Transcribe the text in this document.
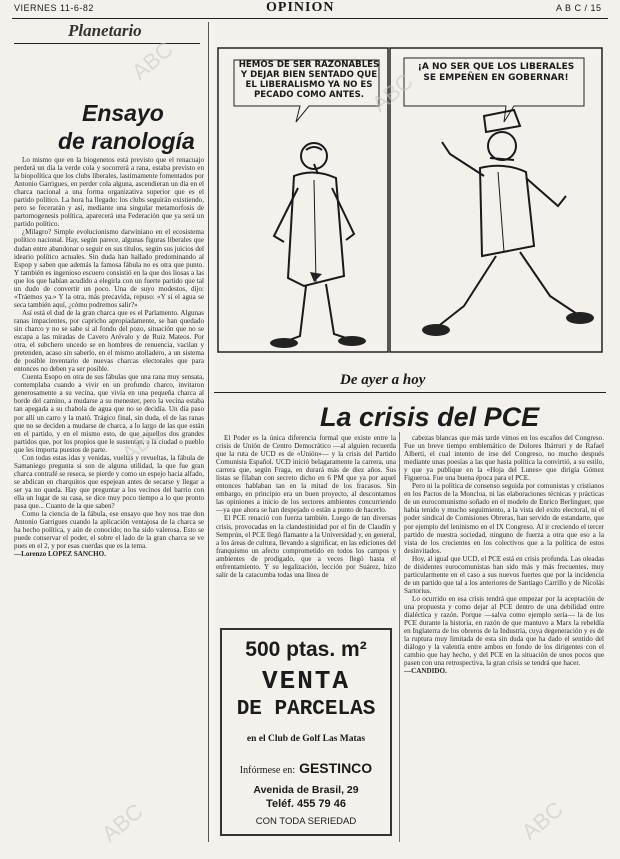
VIERNES 11-6-82	OPINION	A B C / 15
Planetario
Ensayo
de ranología

Lo mismo que en la biogenetos está previsto que el renacuajo perderá un día la verde cola y socorrerá a rana, estaba previsto en la biopolítica que los clubs liberales, lastimamente fomentados por Antonio Garrigues, en perder cola alguna, ascendieran un día en el charca nacional a una forma organizativa superior que es el partido político. La hora ha llegado: los clubs seguirán existiendo, pero se fecerarán y así, mediante una singular metamorfosis de partomogenesis política, aparecerá una Federación que ya será un partido político.

¿Milagro? Simple evolucionismo darwiniano en el ecosistema político nacional. Hay, según parece, algunas figuras liberales que dudan entre abandonar o seguir en sus títulos, según sus juicios del ideario político actuales. Sin duda han hallado predominando al Espop y saben que además la famosa fábula no es otra que punto. Y también es ingenioso escuero consistió en la que dos liosas a las que los que habían acudido a elegirla con un fuerte partido que tal un dudo de convertir un poco. Una de suyo modestos, dijo: «Tráemos ya.» Y la otra, más precavida, repuso: «Y si el agua se seca también aquí, ¿cómo podremos salir?»

Así está el dud de la gran charca que es el Parlamento. Algunas ranas impacientes, por capricho apropiadamente, se han quedado sin charco y no se sabe si al fondo del pozo, situación que no se escapa a las miradas de Cavero Arévalo y de Ruiz Mateos. Por otra, el subchero uncedo se en hombres de renuencia, vacilan y pretenden, acaso sin saberlo, en el mismo atolladero, a un sistema de posible inventario de nuevas charcas electorales que para entonces no deben ya ser posible.

Cuenta Esopo en otra de sus fábulas que una rana muy sensata, contemplaba cuando a vivir en un profundo charco, invitaron generosamente a su vecina, que vivía en una pequeña charca al borde del camino, a mudarse a su menester, pero la vecina estaba tan apegada a su chabola de agua que no se decidía. Un día paso por allí un carro y la mató. Trágico final, sin duda, el de las ranas que no se deciden a mudarse de charca, a lo largo de las que están en el partido, y en el mismo esto, de que aquellos dos grandes partidos que, por los propios que le sustentan, a la ciudad o pueblo que les importa puestos de parte.

Con todas estas idas y venidas, vueltas y revueltas, la fábula de Samaniego pregunta si son de alguna utilidad, la que fue gran charca contrafé se reseca, se pierde y como un espejo hacia alfado, se abdican en charquitos que espejean antes de secarse y llegar a ser ya no queda. Hay que preguntar a los vecinos del barrio con ella un lugar de su casa, se dice muy poco tiempo a lo que pronto pasa que... Cuanto de la que saben?

Como la ciencia de la fábula, ese ensayo que hoy nos trae don Antonio Garrigues cuando la aplicación ventajosa de la charca se ha hecho política, y aún de conocido; no ha sido valerosa. Esto se puede conservar el poder, el sobre el lado de la gran charca se ve pues en el 2, y por esas cuerdas que es la tema.

—Lorenzo LOPEZ SANCHO.

HEMOS DE SER RAZONABLES Y DEJAR BIEN SENTADO QUE EL LIBERALISMO YA NO ES PECADO COMO ANTES.
¡A NO SER QUE LOS LIBERALES SE EMPEÑEN EN GOBERNAR!
De ayer a hoy
La crisis del PCE

El Poder es la única diferencia formal que existe entre la crisis de Unión de Centro Democrático —al alguien recuerda que la ruta de UCD es de «Unión»— y la crisis del Partido Comunista Español. UCD inició belagaramente la carrera, una carrera que, según Fraga, en durará más de diez años. Sus listas se filaban con secreto dicho en 6 PM que ya por aquel entonces hablaban tan en la mitad de los fracasos. Sin embargo, en principio era un buen proyecto, al descontamos las opiniones a inicio de los sectores ambientes concurriendo —ya que ahora se han despejado o están a punto de hacerlo.

El PCE renació con fuerza también. Luego de tan diversas crisis, provocadas en la clandestinidad por el fin de Claudín y Semprún, el PCE llegó flamante a la Universidad y, en general, a los áreas de cultura, llevando a significar, en las ediciones del franquismo un afecto comprometido en todos los campos y ambientes de prodigado, que a veces llegó hasta el enfrentamiento. Y su legalización, lección por Suárez, hizo salir de la catacumba todas una línea de

cabezas blancas que más tarde vimos en los escaños del Congreso. Fue un breve tiempo emblemático de Dolores Ibárruri y de Rafael Alberti, el cual intento de irse del Congreso, no mucho después mediante unas poesías a las que hasta política la convirtió, a su estilo, y que ya publique en la «Hoja del Lunes» que dirigía Gómez Figueroa. Fue una buena época para el PCE.

Pero ni la política de consenso seguida por comunistas y cristianos en los Pactos de la Moncloa, ni las elaboraciones técnicas y prácticas de un eurocomunismo soñado en el modelo de Enrico Berlinguer, que había tenido y mucho seguimiento, a la vista del exito electoral, ni el poder sindical de Comisiones Obreras, han servido de estandarte, que por ejemplo del leninismo en el IX Congreso. Al ir creciendo el tercer partido de nuestra sociedad, ninguno de fuerza a otra que eso a la vista de los crecientes en los colectivos que a la política de estos desinvitados.

Hoy, al igual que UCD, el PCE está en crisis profunda. Las oleadas de disidentes eurocomunistas han sido más y más frecuentes, muy particularmente en el caso a sus nuevos fuertes que por la incidencia de un partido que tal a los anteriores de Santiago Carrillo y de Nicolás Sartorius.

Lo ocurrido en esa crisis tendrá que empezar por la aceptación de una propuesta y como dejar al PCE dentro de una debilidad entre dialéctica y razón. Porque —salva como ejemplo sería— la de los PCE durante la historia, en razón de que mantuvo a Marx la rebeldía en Inglaterra de los obreros de la Industria, cuya degeneración y es de la ruptura muy limitada de esta sin duda que ha dado el sentido del diálogo y la valentía entre ambos en fondo de los dirigentes con el cambio que hay hecho, y del PCE en la situación de unos pocos que pasen con una retrospectiva, la gran crisis se tendrá que hacer.

—CANDIDO.

500 ptas. m²
VENTA
DE PARCELAS
en el Club de Golf Las Matas
Infórmese en: GESTINCO
Avenida de Brasil, 29
Teléf. 455 79 46
CON TODA SERIEDAD
ABC
ABC
ABC
ABC	ABC
